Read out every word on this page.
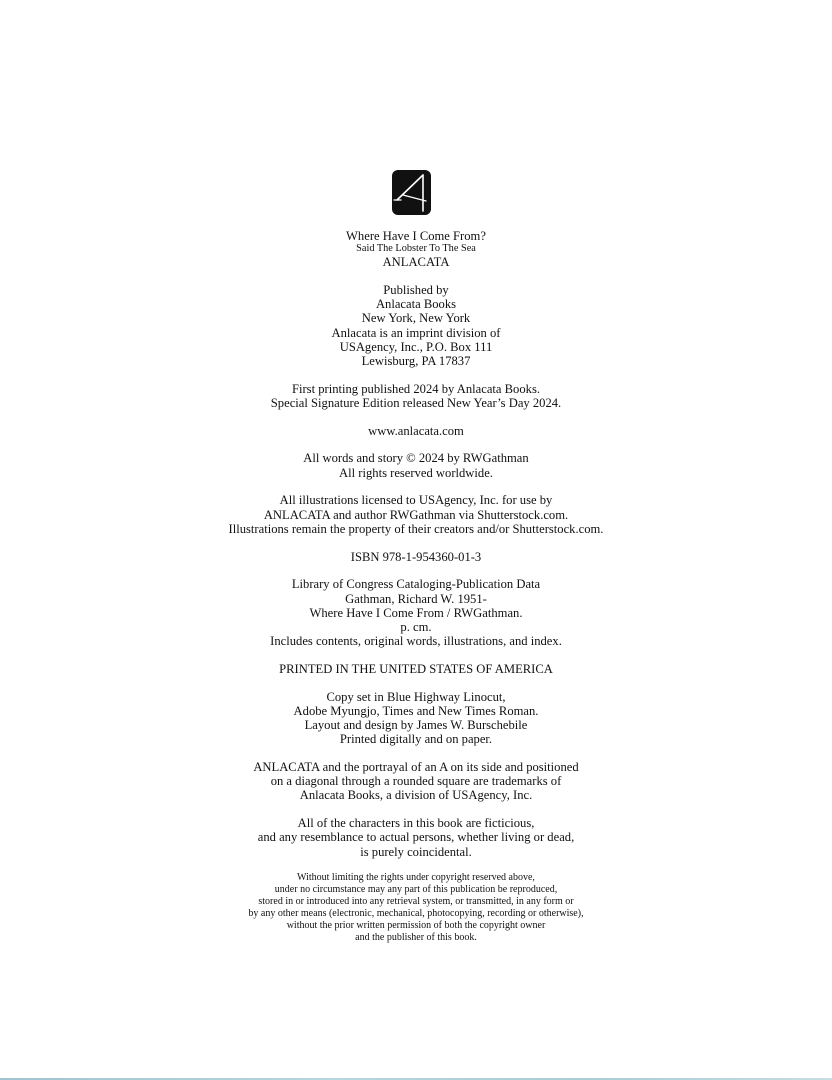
Where Have I Come From?
Said The Lobster To The Sea
ANLACATA
Published by
Anlacata Books
New York, New York
Anlacata is an imprint division of
USAgency, Inc., P.O. Box 111
Lewisburg, PA 17837
First printing published 2024 by Anlacata Books.
Special Signature Edition released New Year’s Day 2024.
www.anlacata.com
All words and story © 2024 by RWGathman
All rights reserved worldwide.
All illustrations licensed to USAgency, Inc. for use by
ANLACATA and author RWGathman via Shutterstock.com.
Illustrations remain the property of their creators and/or Shutterstock.com.
ISBN 978-1-954360-01-3
Library of Congress Cataloging-Publication Data
Gathman, Richard W. 1951-
Where Have I Come From / RWGathman.
p. cm.
Includes contents, original words, illustrations, and index.
PRINTED IN THE UNITED STATES OF AMERICA
Copy set in Blue Highway Linocut,
Adobe Myungjo, Times and New Times Roman.
Layout and design by James W. Burschebile
Printed digitally and on paper.
ANLACATA and the portrayal of an A on its side and positioned
on a diagonal through a rounded square are trademarks of
Anlacata Books, a division of USAgency, Inc.
All of the characters in this book are ficticious,
and any resemblance to actual persons, whether living or dead,
is purely coincidental.
Without limiting the rights under copyright reserved above,
under no circumstance may any part of this publication be reproduced,
stored in or introduced into any retrieval system, or transmitted, in any form or
by any other means (electronic, mechanical, photocopying, recording or otherwise),
without the prior written permission of both the copyright owner
and the publisher of this book.
